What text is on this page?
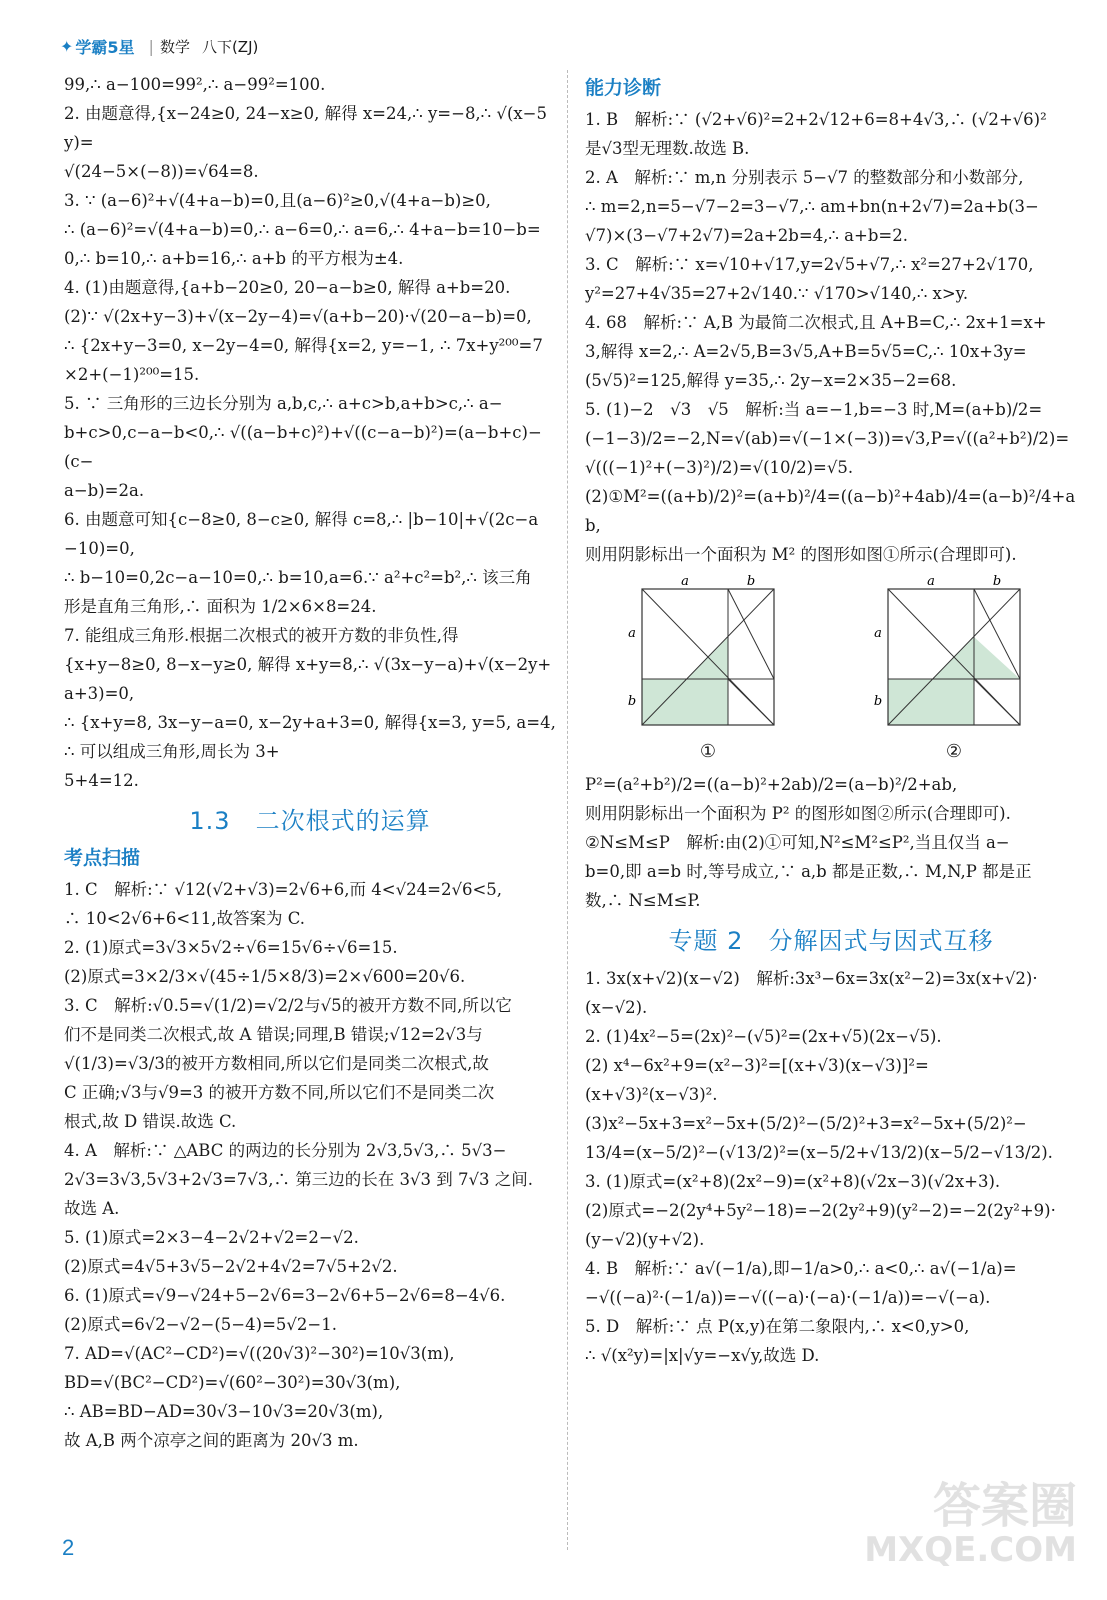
✦ 学霸5星 | 数学 八下(ZJ)
99,∴ a−100=99²,∴ a−99²=100.
2. 由题意得,{x−24≥0, 24−x≥0, 解得 x=24,∴ y=−8,∴ √(x−5y)=
√(24−5×(−8))=√64=8.
3. ∵ (a−6)²+√(4+a−b)=0,且(a−6)²≥0,√(4+a−b)≥0,
∴ (a−6)²=√(4+a−b)=0,∴ a−6=0,∴ a=6,∴ 4+a−b=10−b=
0,∴ b=10,∴ a+b=16,∴ a+b 的平方根为±4.
4. (1)由题意得,{a+b−20≥0, 20−a−b≥0, 解得 a+b=20.
(2)∵ √(2x+y−3)+√(x−2y−4)=√(a+b−20)·√(20−a−b)=0,
∴ {2x+y−3=0, x−2y−4=0, 解得{x=2, y=−1, ∴ 7x+y²⁰⁰=7×2+(−1)²⁰⁰=15.
5. ∵ 三角形的三边长分别为 a,b,c,∴ a+c>b,a+b>c,∴ a−
b+c>0,c−a−b<0,∴ √((a−b+c)²)+√((c−a−b)²)=(a−b+c)−(c−
a−b)=2a.
6. 由题意可知{c−8≥0, 8−c≥0, 解得 c=8,∴ |b−10|+√(2c−a−10)=0,
∴ b−10=0,2c−a−10=0,∴ b=10,a=6.∵ a²+c²=b²,∴ 该三角
形是直角三角形,∴ 面积为 1/2×6×8=24.
7. 能组成三角形.根据二次根式的被开方数的非负性,得
{x+y−8≥0, 8−x−y≥0, 解得 x+y=8,∴ √(3x−y−a)+√(x−2y+a+3)=0,
∴ {x+y=8, 3x−y−a=0, x−2y+a+3=0, 解得{x=3, y=5, a=4, ∴ 可以组成三角形,周长为 3+
5+4=12.
1.3　二次根式的运算
考点扫描
1. C　解析:∵ √12(√2+√3)=2√6+6,而 4<√24=2√6<5,
∴ 10<2√6+6<11,故答案为 C.
2. (1)原式=3√3×5√2÷√6=15√6÷√6=15.
(2)原式=3×2/3×√(45÷1/5×8/3)=2×√600=20√6.
3. C　解析:√0.5=√(1/2)=√2/2与√5的被开方数不同,所以它
们不是同类二次根式,故 A 错误;同理,B 错误;√12=2√3与
√(1/3)=√3/3的被开方数相同,所以它们是同类二次根式,故
C 正确;√3与√9=3 的被开方数不同,所以它们不是同类二次
根式,故 D 错误.故选 C.
4. A　解析:∵ △ABC 的两边的长分别为 2√3,5√3,∴ 5√3−
2√3=3√3,5√3+2√3=7√3,∴ 第三边的长在 3√3 到 7√3 之间.
故选 A.
5. (1)原式=2×3−4−2√2+√2=2−√2.
(2)原式=4√5+3√5−2√2+4√2=7√5+2√2.
6. (1)原式=√9−√24+5−2√6=3−2√6+5−2√6=8−4√6.
(2)原式=6√2−√2−(5−4)=5√2−1.
7. AD=√(AC²−CD²)=√((20√3)²−30²)=10√3(m),
BD=√(BC²−CD²)=√(60²−30²)=30√3(m),
∴ AB=BD−AD=30√3−10√3=20√3(m),
故 A,B 两个凉亭之间的距离为 20√3 m.
能力诊断
1. B　解析:∵ (√2+√6)²=2+2√12+6=8+4√3,∴ (√2+√6)²
是√3型无理数.故选 B.
2. A　解析:∵ m,n 分别表示 5−√7 的整数部分和小数部分,
∴ m=2,n=5−√7−2=3−√7,∴ am+bn(n+2√7)=2a+b(3−
√7)×(3−√7+2√7)=2a+2b=4,∴ a+b=2.
3. C　解析:∵ x=√10+√17,y=2√5+√7,∴ x²=27+2√170,
y²=27+4√35=27+2√140.∵ √170>√140,∴ x>y.
4. 68　解析:∵ A,B 为最简二次根式,且 A+B=C,∴ 2x+1=x+
3,解得 x=2,∴ A=2√5,B=3√5,A+B=5√5=C,∴ 10x+3y=
(5√5)²=125,解得 y=35,∴ 2y−x=2×35−2=68.
5. (1)−2　√3　√5　解析:当 a=−1,b=−3 时,M=(a+b)/2=
(−1−3)/2=−2,N=√(ab)=√(−1×(−3))=√3,P=√((a²+b²)/2)=
√(((−1)²+(−3)²)/2)=√(10/2)=√5.
(2)①M²=((a+b)/2)²=(a+b)²/4=((a−b)²+4ab)/4=(a−b)²/4+ab,
则用阴影标出一个面积为 M² 的图形如图①所示(合理即可).
a	b
a
b
①
a	b
a
b
②
P²=(a²+b²)/2=((a−b)²+2ab)/2=(a−b)²/2+ab,
则用阴影标出一个面积为 P² 的图形如图②所示(合理即可).
②N≤M≤P　解析:由(2)①可知,N²≤M²≤P²,当且仅当 a−
b=0,即 a=b 时,等号成立,∵ a,b 都是正数,∴ M,N,P 都是正
数,∴ N≤M≤P.
专题 2　分解因式与因式互移
1. 3x(x+√2)(x−√2)　解析:3x³−6x=3x(x²−2)=3x(x+√2)·
(x−√2).
2. (1)4x²−5=(2x)²−(√5)²=(2x+√5)(2x−√5).
(2) x⁴−6x²+9=(x²−3)²=[(x+√3)(x−√3)]²=
(x+√3)²(x−√3)².
(3)x²−5x+3=x²−5x+(5/2)²−(5/2)²+3=x²−5x+(5/2)²−
13/4=(x−5/2)²−(√13/2)²=(x−5/2+√13/2)(x−5/2−√13/2).
3. (1)原式=(x²+8)(2x²−9)=(x²+8)(√2x−3)(√2x+3).
(2)原式=−2(2y⁴+5y²−18)=−2(2y²+9)(y²−2)=−2(2y²+9)·
(y−√2)(y+√2).
4. B　解析:∵ a√(−1/a),即−1/a>0,∴ a<0,∴ a√(−1/a)=
−√((−a)²·(−1/a))=−√((−a)·(−a)·(−1/a))=−√(−a).
5. D　解析:∵ 点 P(x,y)在第二象限内,∴ x<0,y>0,
∴ √(x²y)=|x|√y=−x√y,故选 D.
2
答案圈
MXQE.COM
